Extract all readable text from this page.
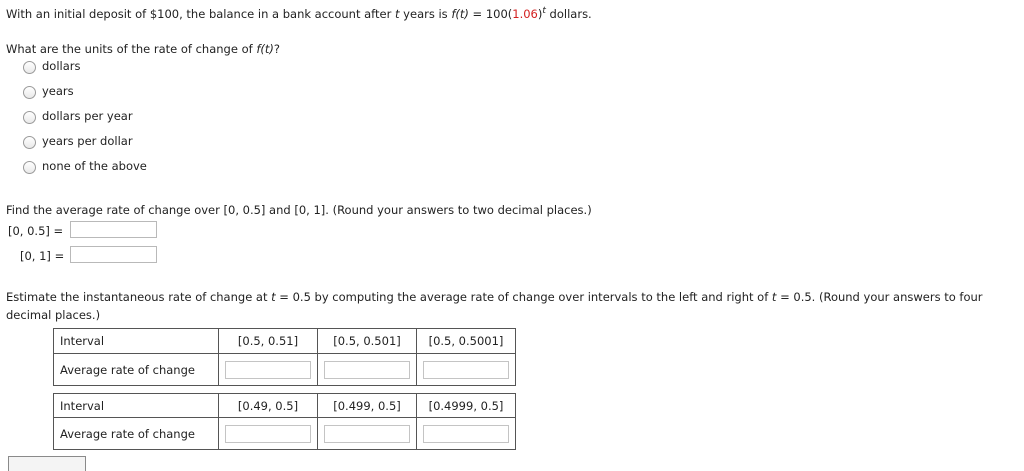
With an initial deposit of $100, the balance in a bank account after t years is $f(t) = 100(1.06)^t$ dollars.
What are the units of the rate of change of f(t)?
dollars
years
dollars per year
years per dollar
none of the above
Find the average rate of change over [0, 0.5] and [0, 1]. (Round your answers to two decimal places.)
[0, 0.5] =
[0, 1] =
Estimate the instantaneous rate of change at t = 0.5 by computing the average rate of change over intervals to the left and right of t = 0.5. (Round your answers to four
decimal places.)
Interval	[0.5, 0.51]	[0.5, 0.501]	[0.5, 0.5001]
Average rate of change	

Interval	[0.49, 0.5]	[0.499, 0.5]	[0.4999, 0.5]
Average rate of change	
